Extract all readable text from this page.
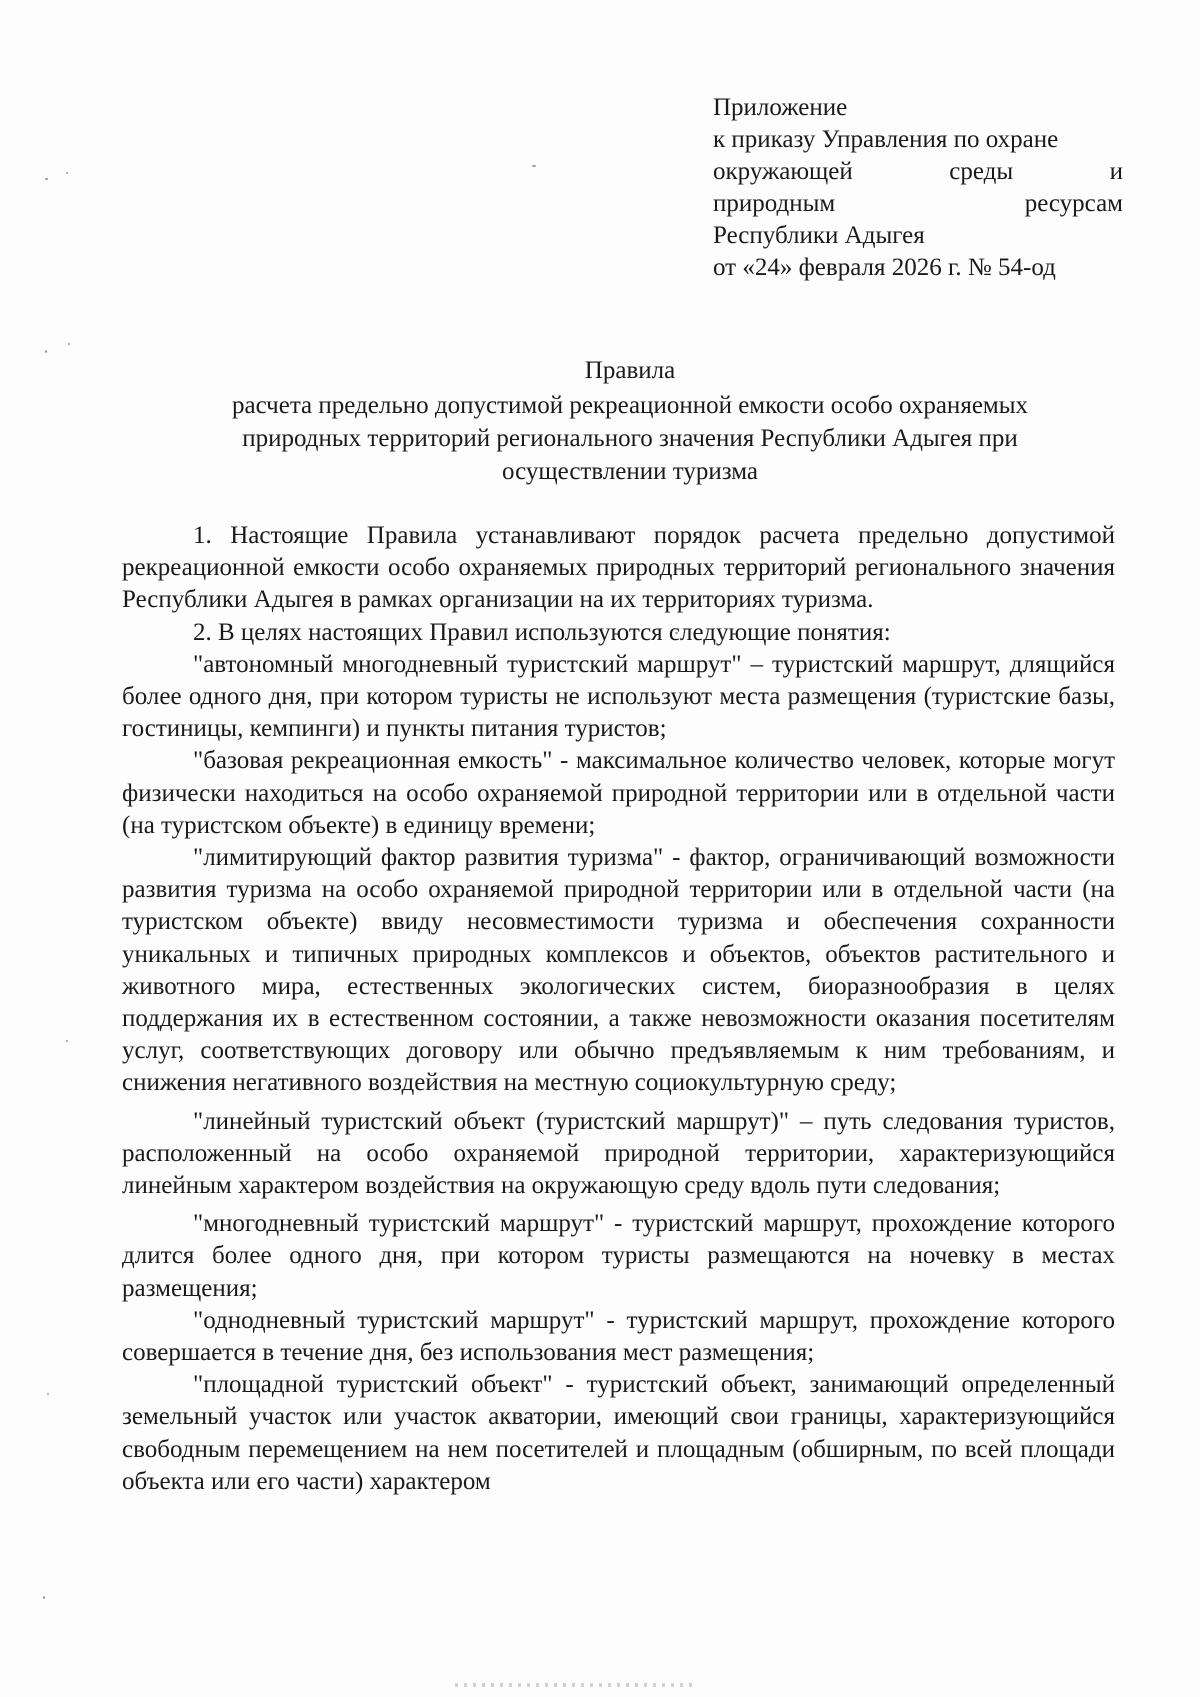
Приложение
к приказу Управления по охране
окружающей среды и
природным ресурсам
Республики Адыгея
от «24» февраля 2026 г. № 54-од
Правила
расчета предельно допустимой рекреационной емкости особо охраняемых
природных территорий регионального значения Республики Адыгея при
осуществлении туризма

1. Настоящие Правила устанавливают порядок расчета предельно допустимой рекреационной емкости особо охраняемых природных территорий регионального значения Республики Адыгея в рамках организации на их территориях туризма.

2. В целях настоящих Правил используются следующие понятия:

"автономный многодневный туристский маршрут" – туристский маршрут, длящийся более одного дня, при котором туристы не используют места размещения (туристские базы, гостиницы, кемпинги) и пункты питания туристов;

"базовая рекреационная емкость" - максимальное количество человек, которые могут физически находиться на особо охраняемой природной территории или в отдельной части (на туристском объекте) в единицу времени;

"лимитирующий фактор развития туризма" - фактор, ограничивающий возможности развития туризма на особо охраняемой природной территории или в отдельной части (на туристском объекте) ввиду несовместимости туризма и обеспечения сохранности уникальных и типичных природных комплексов и объектов, объектов растительного и животного мира, естественных экологических систем, биоразнообразия в целях поддержания их в естественном состоянии, а также невозможности оказания посетителям услуг, соответствующих договору или обычно предъявляемым к ним требованиям, и снижения негативного воздействия на местную социокультурную среду;

"линейный туристский объект (туристский маршрут)" – путь следования туристов, расположенный на особо охраняемой природной территории, характеризующийся линейным характером воздействия на окружающую среду вдоль пути следования;

"многодневный туристский маршрут" - туристский маршрут, прохождение которого длится более одного дня, при котором туристы размещаются на ночевку в местах размещения;

"однодневный туристский маршрут" - туристский маршрут, прохождение которого совершается в течение дня, без использования мест размещения;

"площадной туристский объект" - туристский объект, занимающий определенный земельный участок или участок акватории, имеющий свои границы, характеризующийся свободным перемещением на нем посетителей и площадным (обширным, по всей площади объекта или его части) характером
